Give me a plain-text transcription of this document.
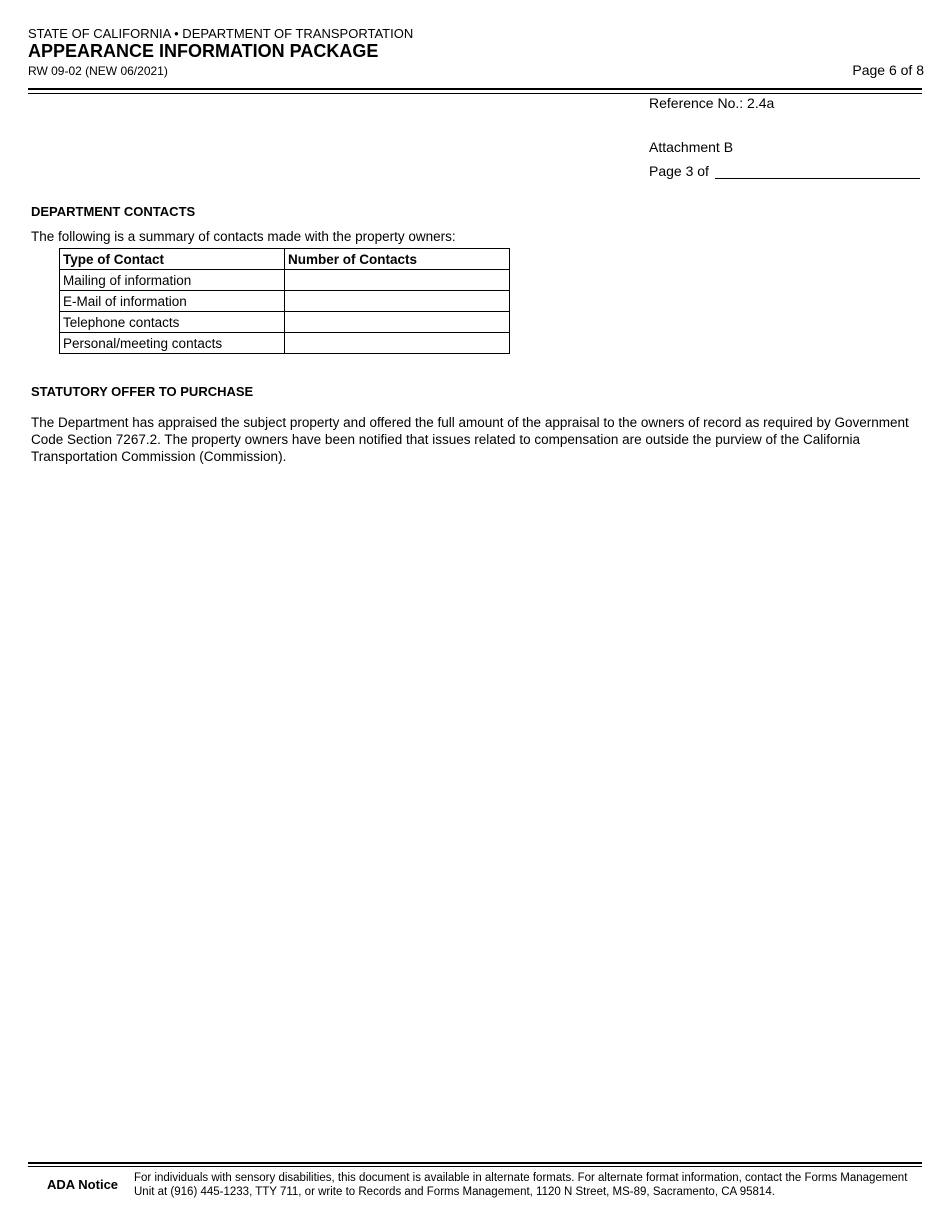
STATE OF CALIFORNIA • DEPARTMENT OF TRANSPORTATION
APPEARANCE INFORMATION PACKAGE
RW 09-02 (NEW 06/2021)	Page 6 of 8
Reference No.: 2.4a
Attachment B
Page 3 of
DEPARTMENT CONTACTS
The following is a summary of contacts made with the property owners:
Type of Contact	Number of Contacts
Mailing of information	
E-Mail of information	
Telephone contacts	
Personal/meeting contacts	
STATUTORY OFFER TO PURCHASE
The Department has appraised the subject property and offered the full amount of the appraisal to the owners of record as required by Government Code Section 7267.2. The property owners have been notified that issues related to compensation are outside the purview of the California Transportation Commission (Commission).
ADA Notice For individuals with sensory disabilities, this document is available in alternate formats. For alternate format information, contact the Forms Management Unit at (916) 445-1233, TTY 711, or write to Records and Forms Management, 1120 N Street, MS-89, Sacramento, CA 95814.
